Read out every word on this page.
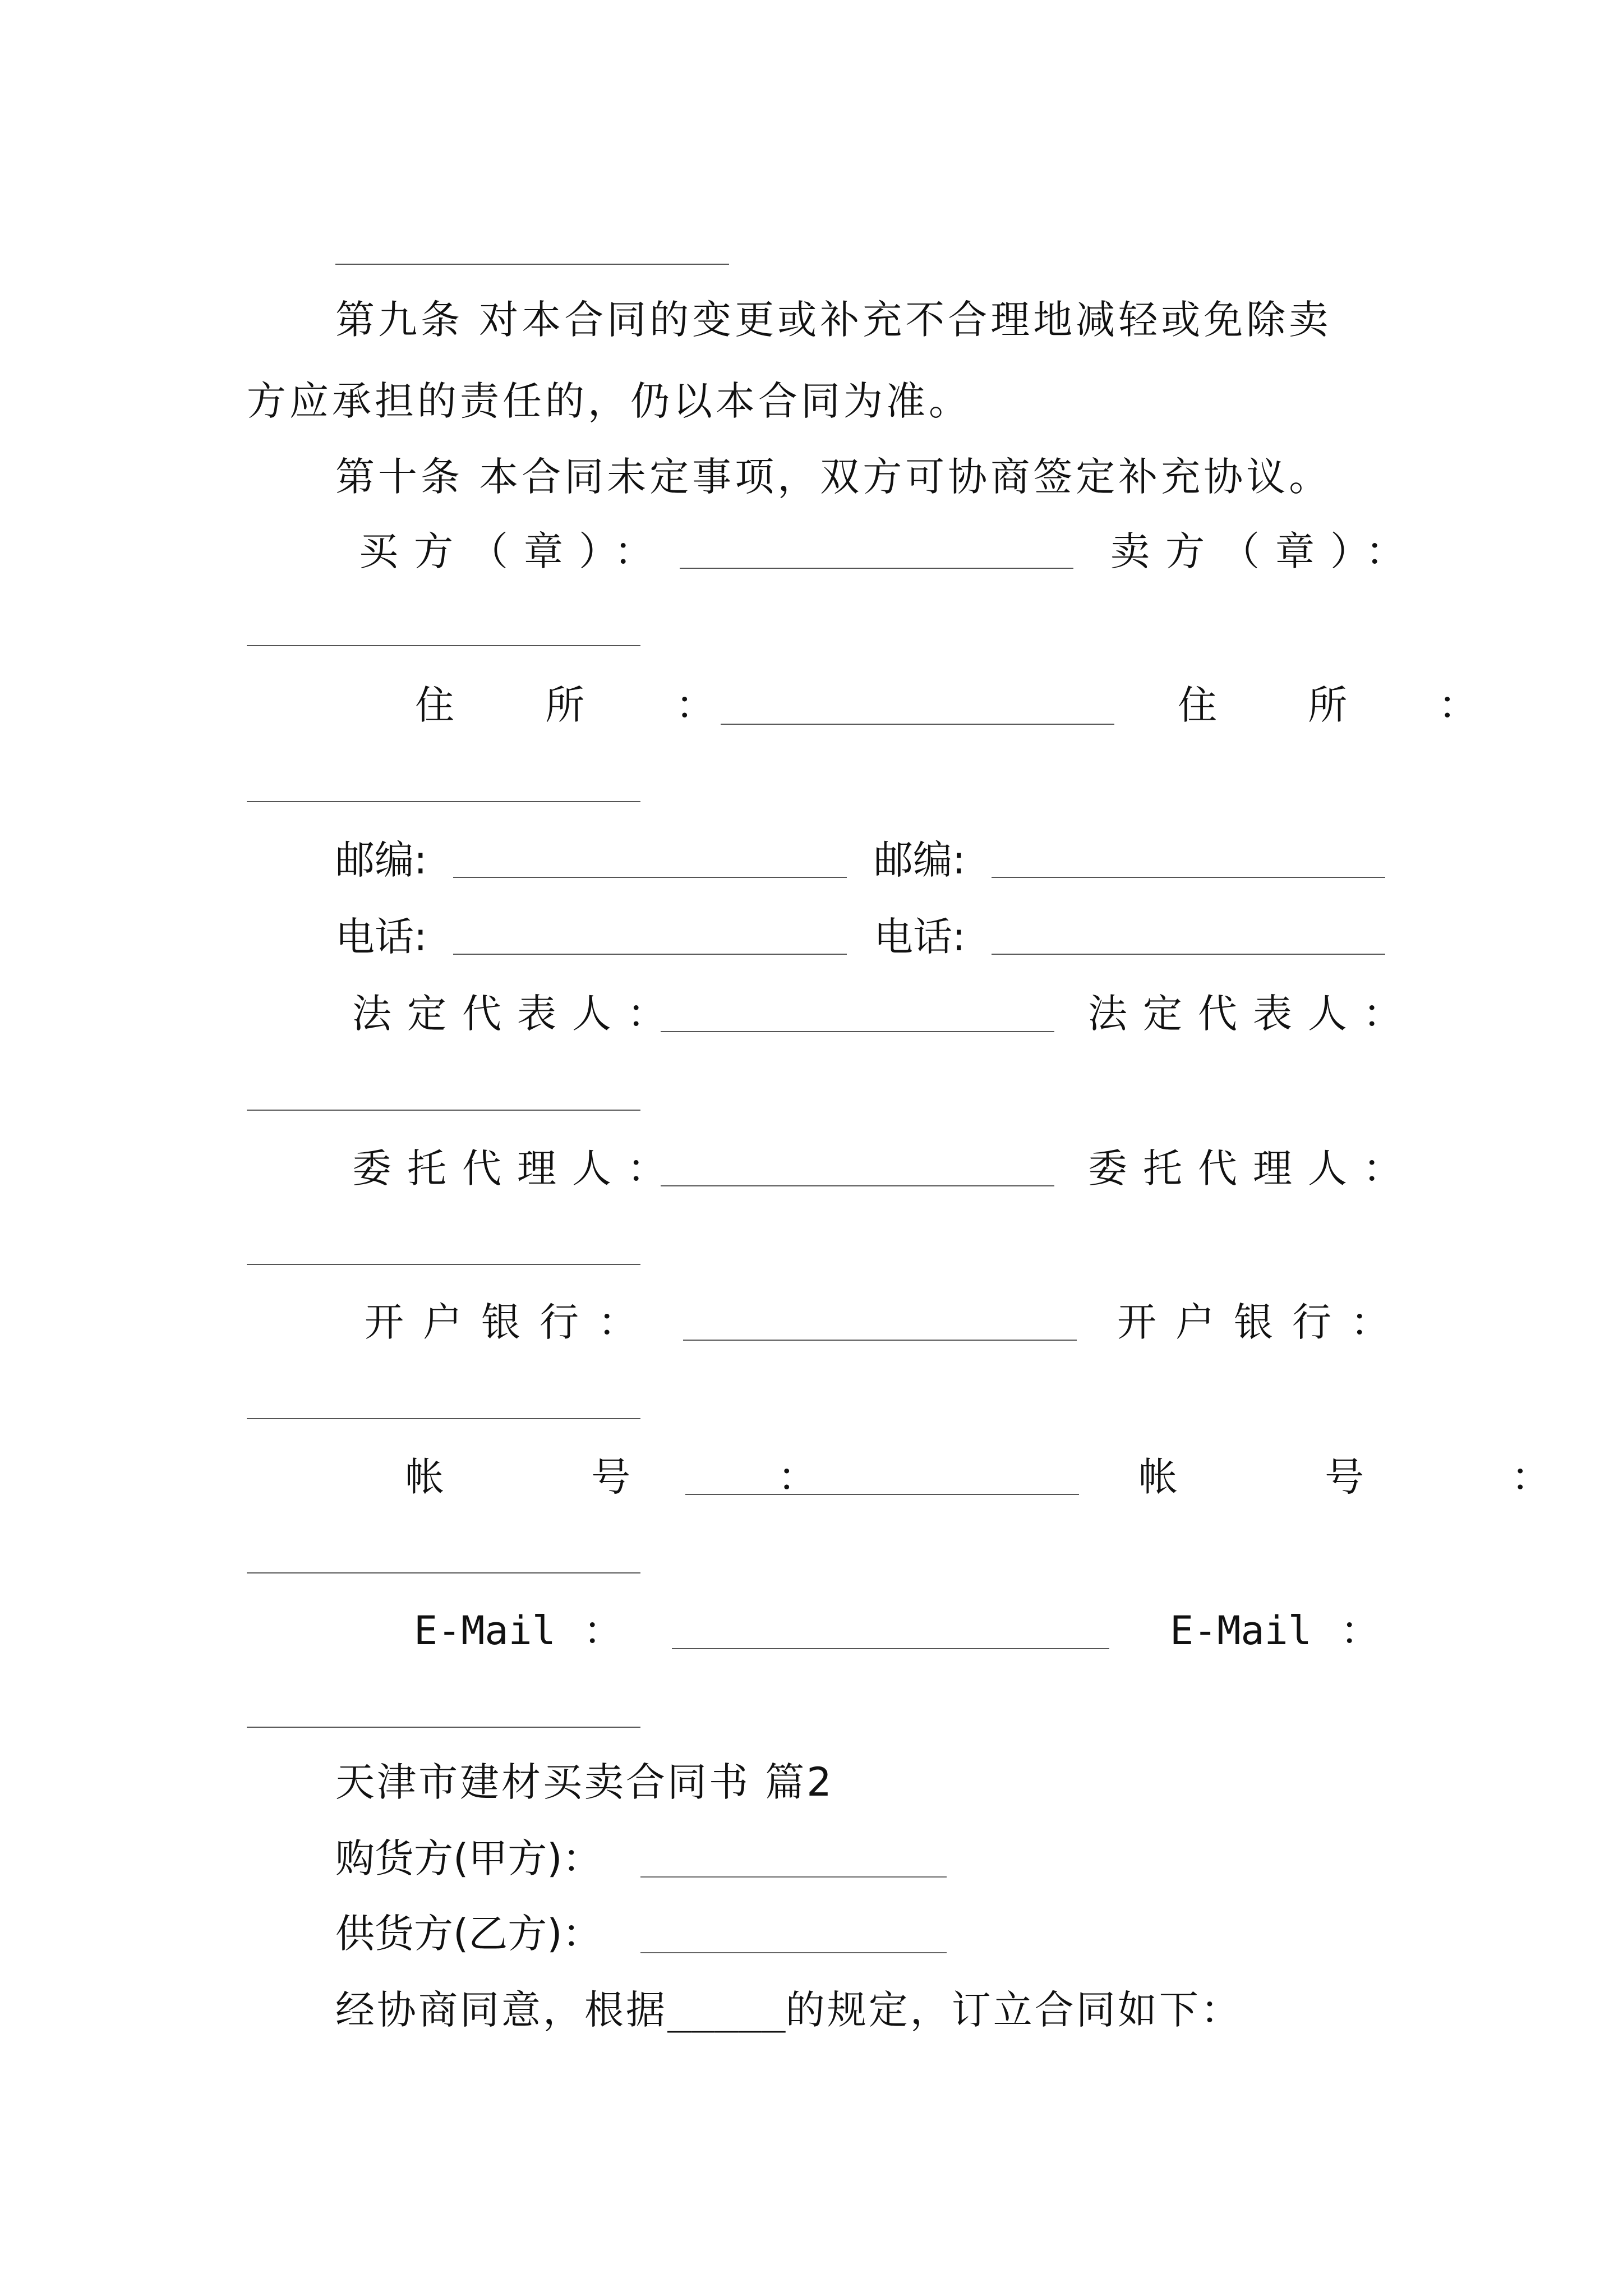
第九条 对本合同的变更或补充不合理地减轻或免除卖

方应承担的责任的，仍以本合同为准。

第十条 本合同未定事项，双方可协商签定补充协议。

买方（章）：	卖方（章）：

住 所 ：	住 所 ：

邮编:	邮编:

电话:	电话:

法定代表人：	法定代表人：

委托代理人：	委托代理人：

开户银行：	开户银行：

帐 号 ：	帐 号 ：

E-Mail ：	E-Mail ：

天津市建材买卖合同书 篇2

购货方(甲方)：

供货方(乙方)：

经协商同意，根据_____的规定，订立合同如下：
